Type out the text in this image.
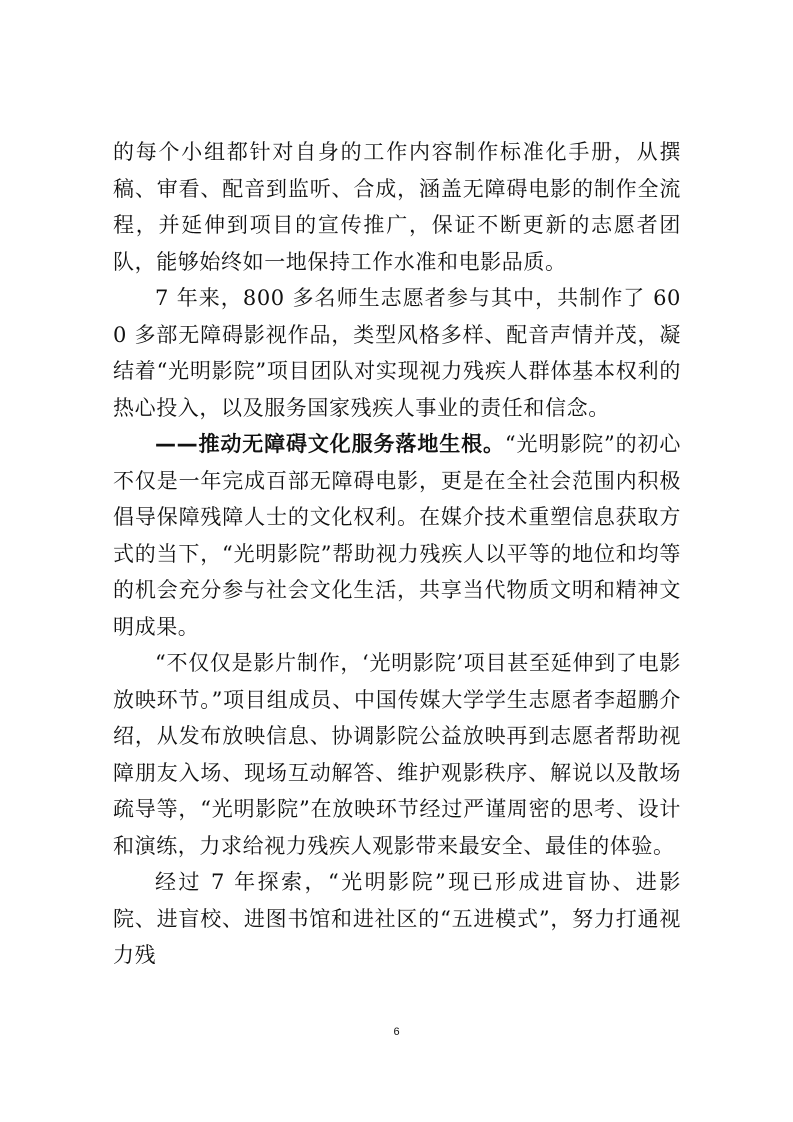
的每个小组都针对自身的工作内容制作标准化手册，从撰稿、审看、配音到监听、合成，涵盖无障碍电影的制作全流程，并延伸到项目的宣传推广，保证不断更新的志愿者团队，能够始终如一地保持工作水准和电影品质。

7 年来，800 多名师生志愿者参与其中，共制作了 600 多部无障碍影视作品，类型风格多样、配音声情并茂，凝结着“光明影院”项目团队对实现视力残疾人群体基本权利的热心投入，以及服务国家残疾人事业的责任和信念。

——推动无障碍文化服务落地生根。“光明影院”的初心不仅是一年完成百部无障碍电影，更是在全社会范围内积极倡导保障残障人士的文化权利。在媒介技术重塑信息获取方式的当下，“光明影院”帮助视力残疾人以平等的地位和均等的机会充分参与社会文化生活，共享当代物质文明和精神文明成果。

“不仅仅是影片制作，‘光明影院’项目甚至延伸到了电影放映环节。”项目组成员、中国传媒大学学生志愿者李超鹏介绍，从发布放映信息、协调影院公益放映再到志愿者帮助视障朋友入场、现场互动解答、维护观影秩序、解说以及散场疏导等，“光明影院”在放映环节经过严谨周密的思考、设计和演练，力求给视力残疾人观影带来最安全、最佳的体验。

经过 7 年探索，“光明影院”现已形成进盲协、进影院、进盲校、进图书馆和进社区的“五进模式”，努力打通视力残

6
